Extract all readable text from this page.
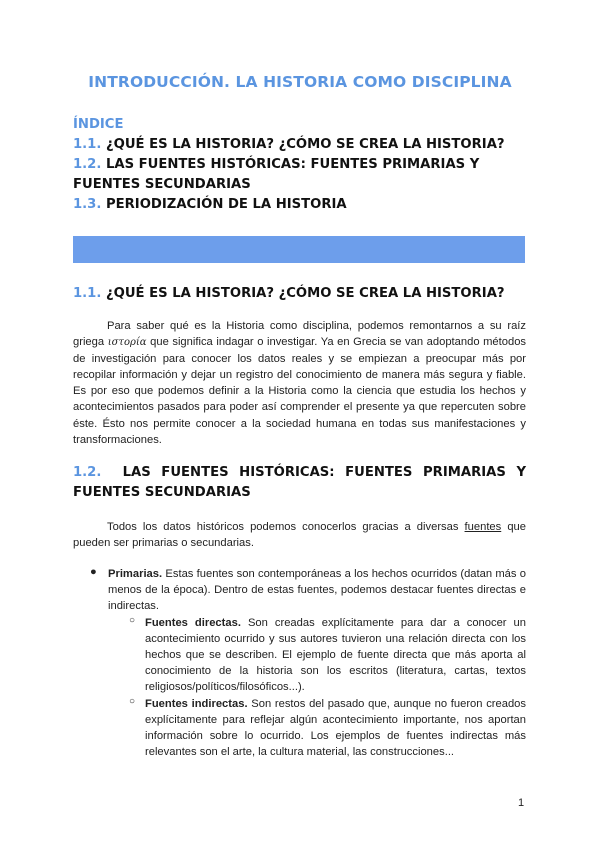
INTRODUCCIÓN. LA HISTORIA COMO DISCIPLINA
ÍNDICE
1.1. ¿QUÉ ES LA HISTORIA? ¿CÓMO SE CREA LA HISTORIA?
1.2. LAS FUENTES HISTÓRICAS: FUENTES PRIMARIAS Y
FUENTES SECUNDARIAS
1.3. PERIODIZACIÓN DE LA HISTORIA
1.1. ¿QUÉ ES LA HISTORIA? ¿CÓMO SE CREA LA HISTORIA?
Para saber qué es la Historia como disciplina, podemos remontarnos a su raíz griega ιστορία que significa indagar o investigar. Ya en Grecia se van adoptando métodos de investigación para conocer los datos reales y se empiezan a preocupar más por recopilar información y dejar un registro del conocimiento de manera más segura y fiable. Es por eso que podemos definir a la Historia como la ciencia que estudia los hechos y acontecimientos pasados para poder así comprender el presente ya que repercuten sobre éste. Ésto nos permite conocer a la sociedad humana en todas sus manifestaciones y transformaciones.
1.2. LAS FUENTES HISTÓRICAS: FUENTES PRIMARIAS Y FUENTES SECUNDARIAS
Todos los datos históricos podemos conocerlos gracias a diversas fuentes que pueden ser primarias o secundarias.
● Primarias. Estas fuentes son contemporáneas a los hechos ocurridos (datan más o menos de la época). Dentro de estas fuentes, podemos destacar fuentes directas e indirectas.
○ Fuentes directas. Son creadas explícitamente para dar a conocer un acontecimiento ocurrido y sus autores tuvieron una relación directa con los hechos que se describen. El ejemplo de fuente directa que más aporta al conocimiento de la historia son los escritos (literatura, cartas, textos religiosos/políticos/filosóficos...).
○ Fuentes indirectas. Son restos del pasado que, aunque no fueron creados explícitamente para reflejar algún acontecimiento importante, nos aportan información sobre lo ocurrido. Los ejemplos de fuentes indirectas más relevantes son el arte, la cultura material, las construcciones...
1
